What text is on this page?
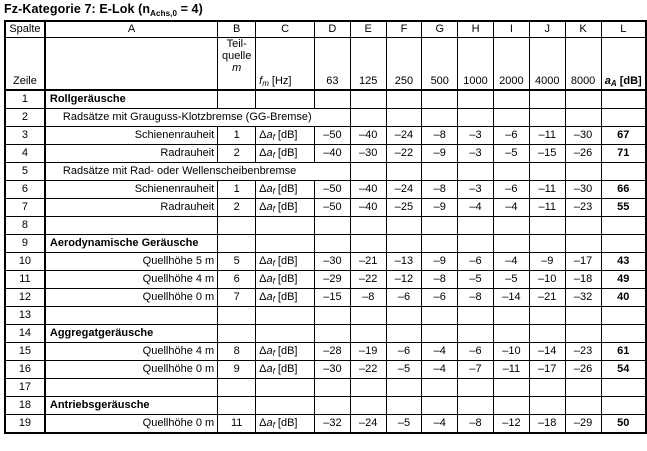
Fz-Kategorie 7: E-Lok $(n_{Achs,0} = 4)$
Spalte	A	B	C	D	E	F	G	H	I	J	K	L
Zeile		Teil-
quelle
m	$f_m$ [Hz]	63	125	250	500	1000	2000	4000	8000	$a_A$ [dB]
1	Rollgeräusche											
2	Radsätze mit Grauguss-Klotzbremse (GG-Bremse)											
3	Schienenrauheit	1	$\Delta a_f$ [dB]	–50	–40	–24	–8	–3	–6	–11	–30	67
4	Radrauheit	2	$\Delta a_f$ [dB]	–40	–30	–22	–9	–3	–5	–15	–26	71
5	Radsätze mit Rad- oder Wellenscheibenbremse											
6	Schienenrauheit	1	$\Delta a_f$ [dB]	–50	–40	–24	–8	–3	–6	–11	–30	66
7	Radrauheit	2	$\Delta a_f$ [dB]	–50	–40	–25	–9	–4	–4	–11	–23	55
8												
9	Aerodynamische Geräusche											
10	Quellhöhe 5 m	5	$\Delta a_f$ [dB]	–30	–21	–13	–9	–6	–4	–9	–17	43
11	Quellhöhe 4 m	6	$\Delta a_f$ [dB]	–29	–22	–12	–8	–5	–5	–10	–18	49
12	Quellhöhe 0 m	7	$\Delta a_f$ [dB]	–15	–8	–6	–6	–8	–14	–21	–32	40
13												
14	Aggregatgeräusche											
15	Quellhöhe 4 m	8	$\Delta a_f$ [dB]	–28	–19	–6	–4	–6	–10	–14	–23	61
16	Quellhöhe 0 m	9	$\Delta a_f$ [dB]	–30	–22	–5	–4	–7	–11	–17	–26	54
17												
18	Antriebsgeräusche											
19	Quellhöhe 0 m	11	$\Delta a_f$ [dB]	–32	–24	–5	–4	–8	–12	–18	–29	50
